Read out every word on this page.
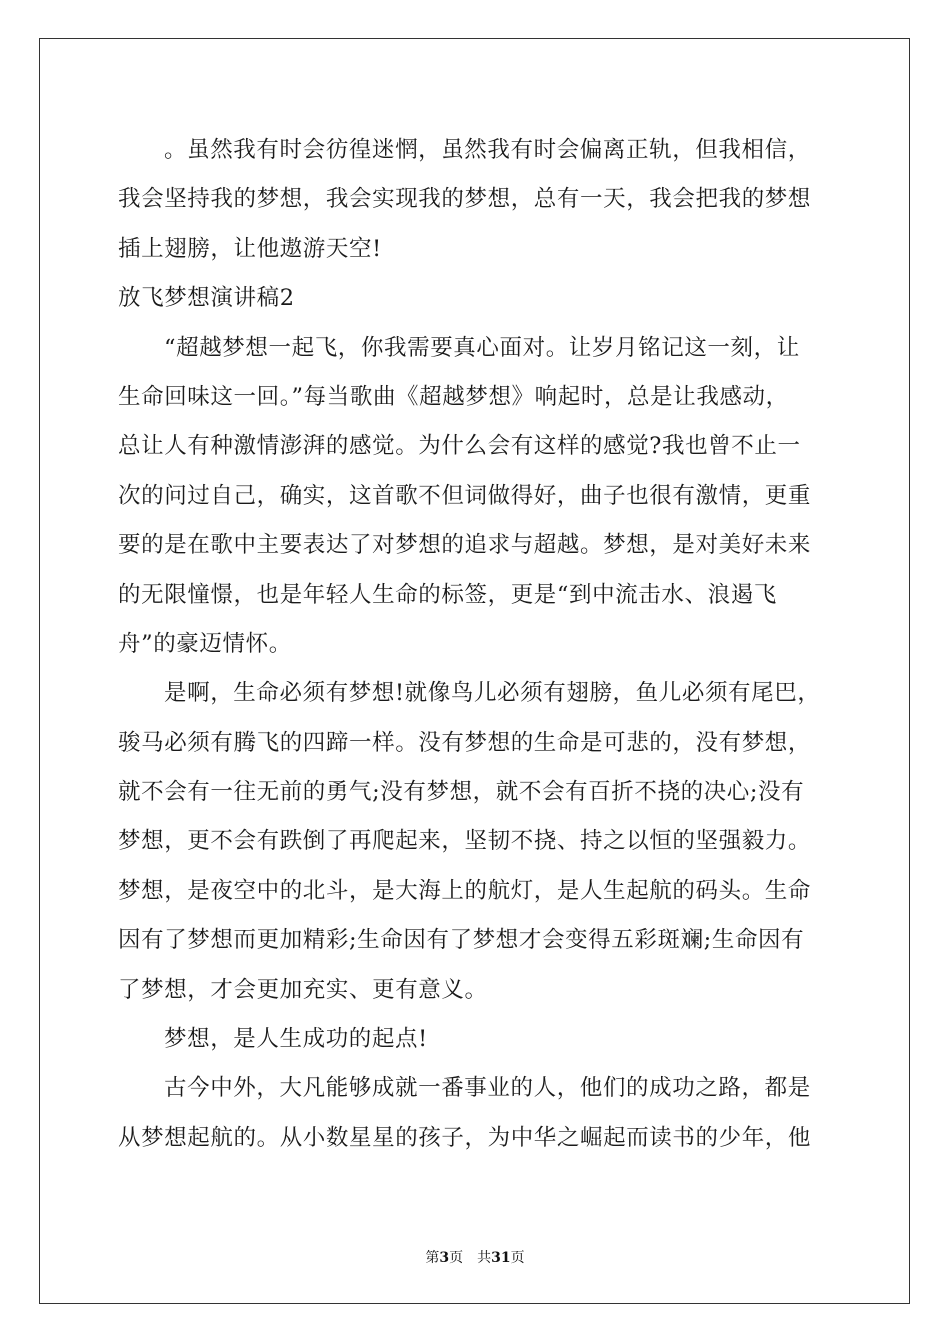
。虽然我有时会彷徨迷惘，虽然我有时会偏离正轨，但我相信，
我会坚持我的梦想，我会实现我的梦想，总有一天，我会把我的梦想
插上翅膀，让他遨游天空!
放飞梦想演讲稿2
“超越梦想一起飞，你我需要真心面对。让岁月铭记这一刻，让
生命回味这一回。”每当歌曲《超越梦想》响起时，总是让我感动，
总让人有种激情澎湃的感觉。为什么会有这样的感觉?我也曾不止一
次的问过自己，确实，这首歌不但词做得好，曲子也很有激情，更重
要的是在歌中主要表达了对梦想的追求与超越。梦想，是对美好未来
的无限憧憬，也是年轻人生命的标签，更是“到中流击水、浪遏飞
舟”的豪迈情怀。
是啊，生命必须有梦想!就像鸟儿必须有翅膀，鱼儿必须有尾巴，
骏马必须有腾飞的四蹄一样。没有梦想的生命是可悲的，没有梦想，
就不会有一往无前的勇气;没有梦想，就不会有百折不挠的决心;没有
梦想，更不会有跌倒了再爬起来，坚韧不挠、持之以恒的坚强毅力。
梦想，是夜空中的北斗，是大海上的航灯，是人生起航的码头。生命
因有了梦想而更加精彩;生命因有了梦想才会变得五彩斑斓;生命因有
了梦想，才会更加充实、更有意义。
梦想，是人生成功的起点!
古今中外，大凡能够成就一番事业的人，他们的成功之路，都是
从梦想起航的。从小数星星的孩子，为中华之崛起而读书的少年，他
第3页　共31页
